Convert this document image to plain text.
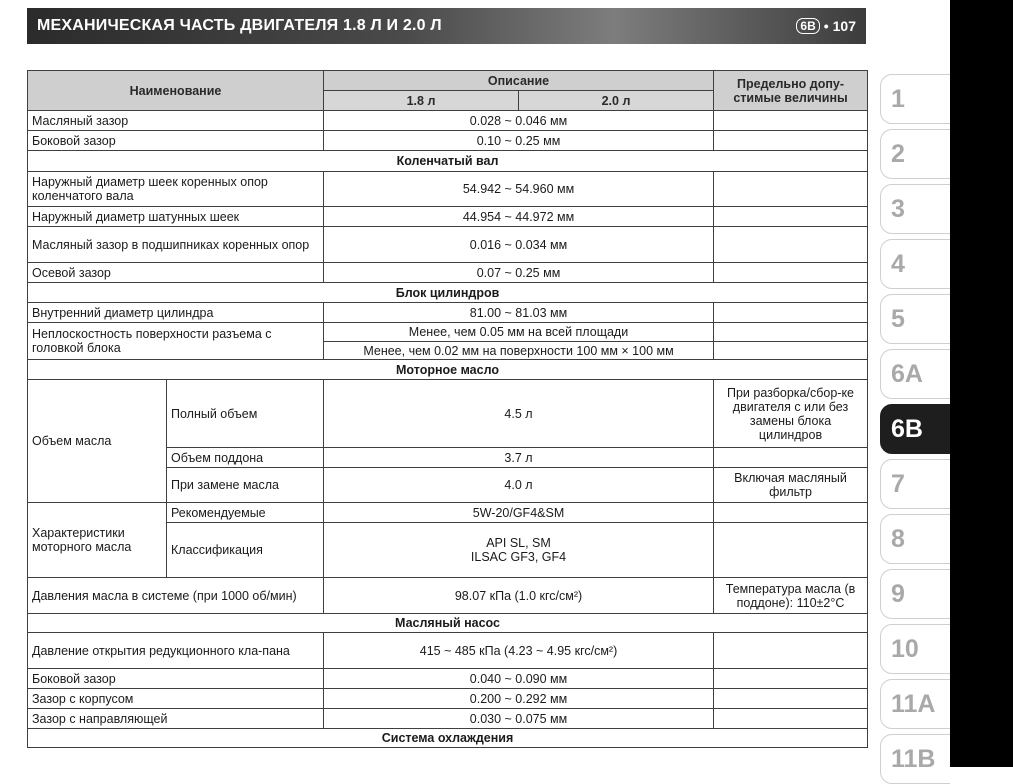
МЕХАНИЧЕСКАЯ ЧАСТЬ ДВИГАТЕЛЯ 1.8 Л И 2.0 Л	6B • 107
Наименование		Описание		Предельно допу-стимые величины
		1.8 л	2.0 л	
Масляный зазор		0.028 ~ 0.046 мм		
Боковой зазор		0.10 ~ 0.25 мм		
Коленчатый вал				
Наружный диаметр шеек коренных опор коленчатого вала		54.942 ~ 54.960 мм		
Наружный диаметр шатунных шеек		44.954 ~ 44.972 мм		
Масляный зазор в подшипниках коренных опор		0.016 ~ 0.034 мм		
Осевой зазор		0.07 ~ 0.25 мм		
Блок цилиндров				
Внутренний диаметр цилиндра		81.00 ~ 81.03 мм		
Неплоскостность поверхности разъема с головкой блока		Менее, чем 0.05 мм на всей площади		
		Менее, чем 0.02 мм на поверхности 100 мм × 100 мм		
Моторное масло				
Объем масла	Полный объем	4.5 л		При разборка/сбор-ке двигателя с или без замены блока цилиндров
	Объем поддона	3.7 л		
	При замене масла	4.0 л		Включая масляный фильтр
Характеристики моторного масла	Рекомендуемые	5W-20/GF4&SM		
	Классификация	API SL, SM
ILSAC GF3, GF4		

Давления масла в системе (при 1000 об/мин)		98.07 кПа (1.0 кгс/см²)		Температура масла (в поддоне): 110±2°С
Масляный насос				
Давление открытия редукционного кла-пана		415 ~ 485 кПа (4.23 ~ 4.95 кгс/см²)		
Боковой зазор		0.040 ~ 0.090 мм		
Зазор с корпусом		0.200 ~ 0.292 мм		
Зазор с направляющей		0.030 ~ 0.075 мм		
Система охлаждения				
1
2
3
4
5
6A
6B
7
8
9
10
11A
11B
